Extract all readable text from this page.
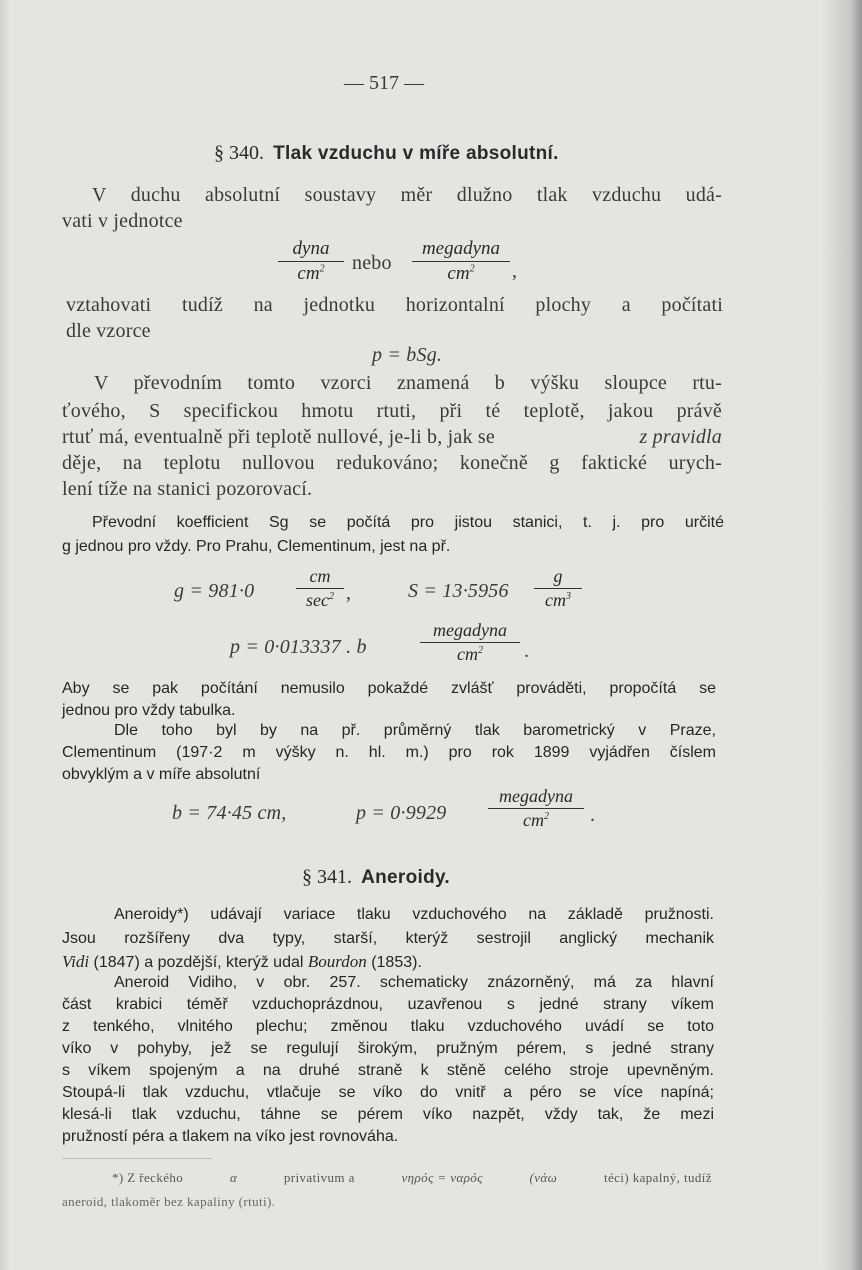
— 517 —
§ 340. Tlak vzduchu v míře absolutní.
V duchu absolutní soustavy měr dlužno tlak vzduchu udá-
vati v jednotce
dyna
$cm^2$	nebo
megadyna
$cm^2$	,
vztahovati tudíž na jednotku horizontalní plochy a počítati
dle vzorce
p = bSg.
V převodním tomto vzorci znamená b výšku sloupce rtu-
ťového, S specifickou hmotu rtuti, při té teplotě, jakou právě
rtuť má, eventualně při teplotě nullové, je-li b, jak se	z pravidla
děje, na teplotu nullovou redukováno; konečně g faktické urych-
lení tíže na stanici pozorovací.
Převodní koefficient Sg se počítá pro jistou stanici, t. j. pro určité
g jednou pro vždy. Pro Prahu, Clementinum, jest na př.
g = 981·0
cm
$\sec^2$ ,	S = 13·5956
g
$cm^3$
p = 0·013337 . b
megadyna
$cm^2$	.
Aby se pak počítání nemusilo pokaždé zvlášť prováděti, propočítá se
jednou pro vždy tabulka.
Dle toho byl by na př. průměrný tlak barometrický v Praze,
Clementinum (197·2 m výšky n. hl. m.) pro rok 1899 vyjádřen číslem
obvyklým a v míře absolutní
b = 74·45 cm,	p = 0·9929
megadyna
$cm^2$	.
§ 341. Aneroidy.
Aneroidy*) udávají variace tlaku vzduchového na základě pružnosti.
Jsou rozšířeny dva typy, starší, kterýž sestrojil anglický mechanik
Vidi (1847) a pozdější, kterýž udal Bourdon (1853).
Aneroid Vidiho, v obr. 257. schematicky znázorněný, má za hlavní
část krabici téměř vzduchoprázdnou, uzavřenou s jedné strany víkem
z tenkého, vlnitého plechu; změnou tlaku vzduchového uvádí se toto
víko v pohyby, jež se regulují širokým, pružným pérem, s jedné strany
s víkem spojeným a na druhé straně k stěně celého stroje upevněným.
Stoupá-li tlak vzduchu, vtlačuje se víko do vnitř a péro se více napíná;
klesá-li tlak vzduchu, táhne se pérem víko nazpět, vždy tak, že mezi
pružností péra a tlakem na víko jest rovnováha.
*) Z řeckého	α	privativum a	νηρός = ναρός	(νάω	téci) kapalný, tudíž
aneroid, tlakoměr bez kapaliny (rtuti).
